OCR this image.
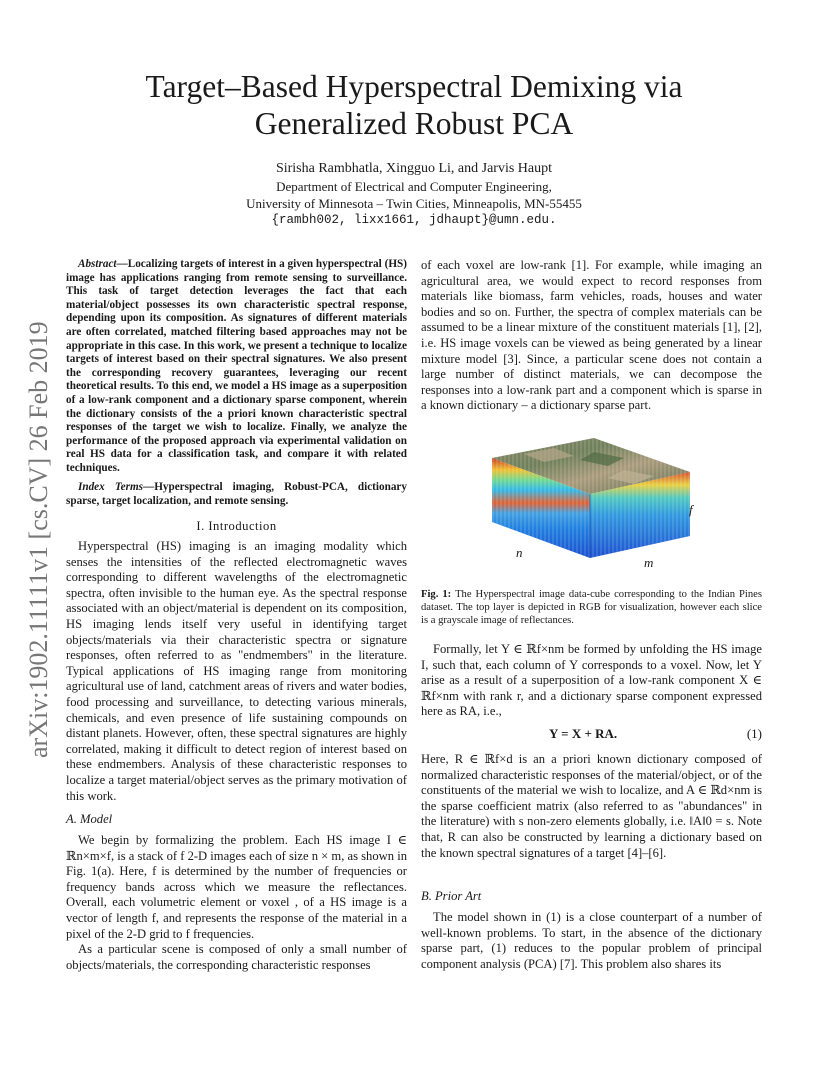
Target–Based Hyperspectral Demixing via
Generalized Robust PCA
Sirisha Rambhatla, Xingguo Li, and Jarvis Haupt
Department of Electrical and Computer Engineering,
University of Minnesota – Twin Cities, Minneapolis, MN-55455
{rambh002, lixx1661, jdhaupt}@umn.edu.
arXiv:1902.11111v1 [cs.CV] 26 Feb 2019

Abstract—Localizing targets of interest in a given hyperspectral (HS) image has applications ranging from remote sensing to surveillance. This task of target detection leverages the fact that each material/object possesses its own characteristic spectral response, depending upon its composition. As signatures of different materials are often correlated, matched filtering based approaches may not be appropriate in this case. In this work, we present a technique to localize targets of interest based on their spectral signatures. We also present the corresponding recovery guarantees, leveraging our recent theoretical results. To this end, we model a HS image as a superposition of a low-rank component and a dictionary sparse component, wherein the dictionary consists of the a priori known characteristic spectral responses of the target we wish to localize. Finally, we analyze the performance of the proposed approach via experimental validation on real HS data for a classification task, and compare it with related techniques.

Index Terms—Hyperspectral imaging, Robust-PCA, dictionary sparse, target localization, and remote sensing.

I. Introduction

Hyperspectral (HS) imaging is an imaging modality which senses the intensities of the reflected electromagnetic waves corresponding to different wavelengths of the electromagnetic spectra, often invisible to the human eye. As the spectral response associated with an object/material is dependent on its composition, HS imaging lends itself very useful in identifying target objects/materials via their characteristic spectra or signature responses, often referred to as "endmembers" in the literature. Typical applications of HS imaging range from monitoring agricultural use of land, catchment areas of rivers and water bodies, food processing and surveillance, to detecting various minerals, chemicals, and even presence of life sustaining compounds on distant planets. However, often, these spectral signatures are highly correlated, making it difficult to detect region of interest based on these endmembers. Analysis of these characteristic responses to localize a target material/object serves as the primary motivation of this work.

A. Model

We begin by formalizing the problem. Each HS image I ∈ ℝn×m×f, is a stack of f 2-D images each of size n × m, as shown in Fig. 1(a). Here, f is determined by the number of frequencies or frequency bands across which we measure the reflectances. Overall, each volumetric element or voxel , of a HS image is a vector of length f, and represents the response of the material in a pixel of the 2-D grid to f frequencies.

As a particular scene is composed of only a small number of objects/materials, the corresponding characteristic responses

of each voxel are low-rank [1]. For example, while imaging an agricultural area, we would expect to record responses from materials like biomass, farm vehicles, roads, houses and water bodies and so on. Further, the spectra of complex materials can be assumed to be a linear mixture of the constituent materials [1], [2], i.e. HS image voxels can be viewed as being generated by a linear mixture model [3]. Since, a particular scene does not contain a large number of distinct materials, we can decompose the responses into a low-rank part and a component which is sparse in a known dictionary – a dictionary sparse part.

f
n
m
Fig. 1: The Hyperspectral image data-cube corresponding to the Indian Pines dataset. The top layer is depicted in RGB for visualization, however each slice is a grayscale image of reflectances.

Formally, let Y ∈ ℝf×nm be formed by unfolding the HS image I, such that, each column of Y corresponds to a voxel. Now, let Y arise as a result of a superposition of a low-rank component X ∈ ℝf×nm with rank r, and a dictionary sparse component expressed here as RA, i.e.,

Y = X + RA.	(1)

Here, R ∈ ℝf×d is an a priori known dictionary composed of normalized characteristic responses of the material/object, or of the constituents of the material we wish to localize, and A ∈ ℝd×nm is the sparse coefficient matrix (also referred to as "abundances" in the literature) with s non-zero elements globally, i.e. ‖A‖0 = s. Note that, R can also be constructed by learning a dictionary based on the known spectral signatures of a target [4]–[6].

B. Prior Art

The model shown in (1) is a close counterpart of a number of well-known problems. To start, in the absence of the dictionary sparse part, (1) reduces to the popular problem of principal component analysis (PCA) [7]. This problem also shares its
